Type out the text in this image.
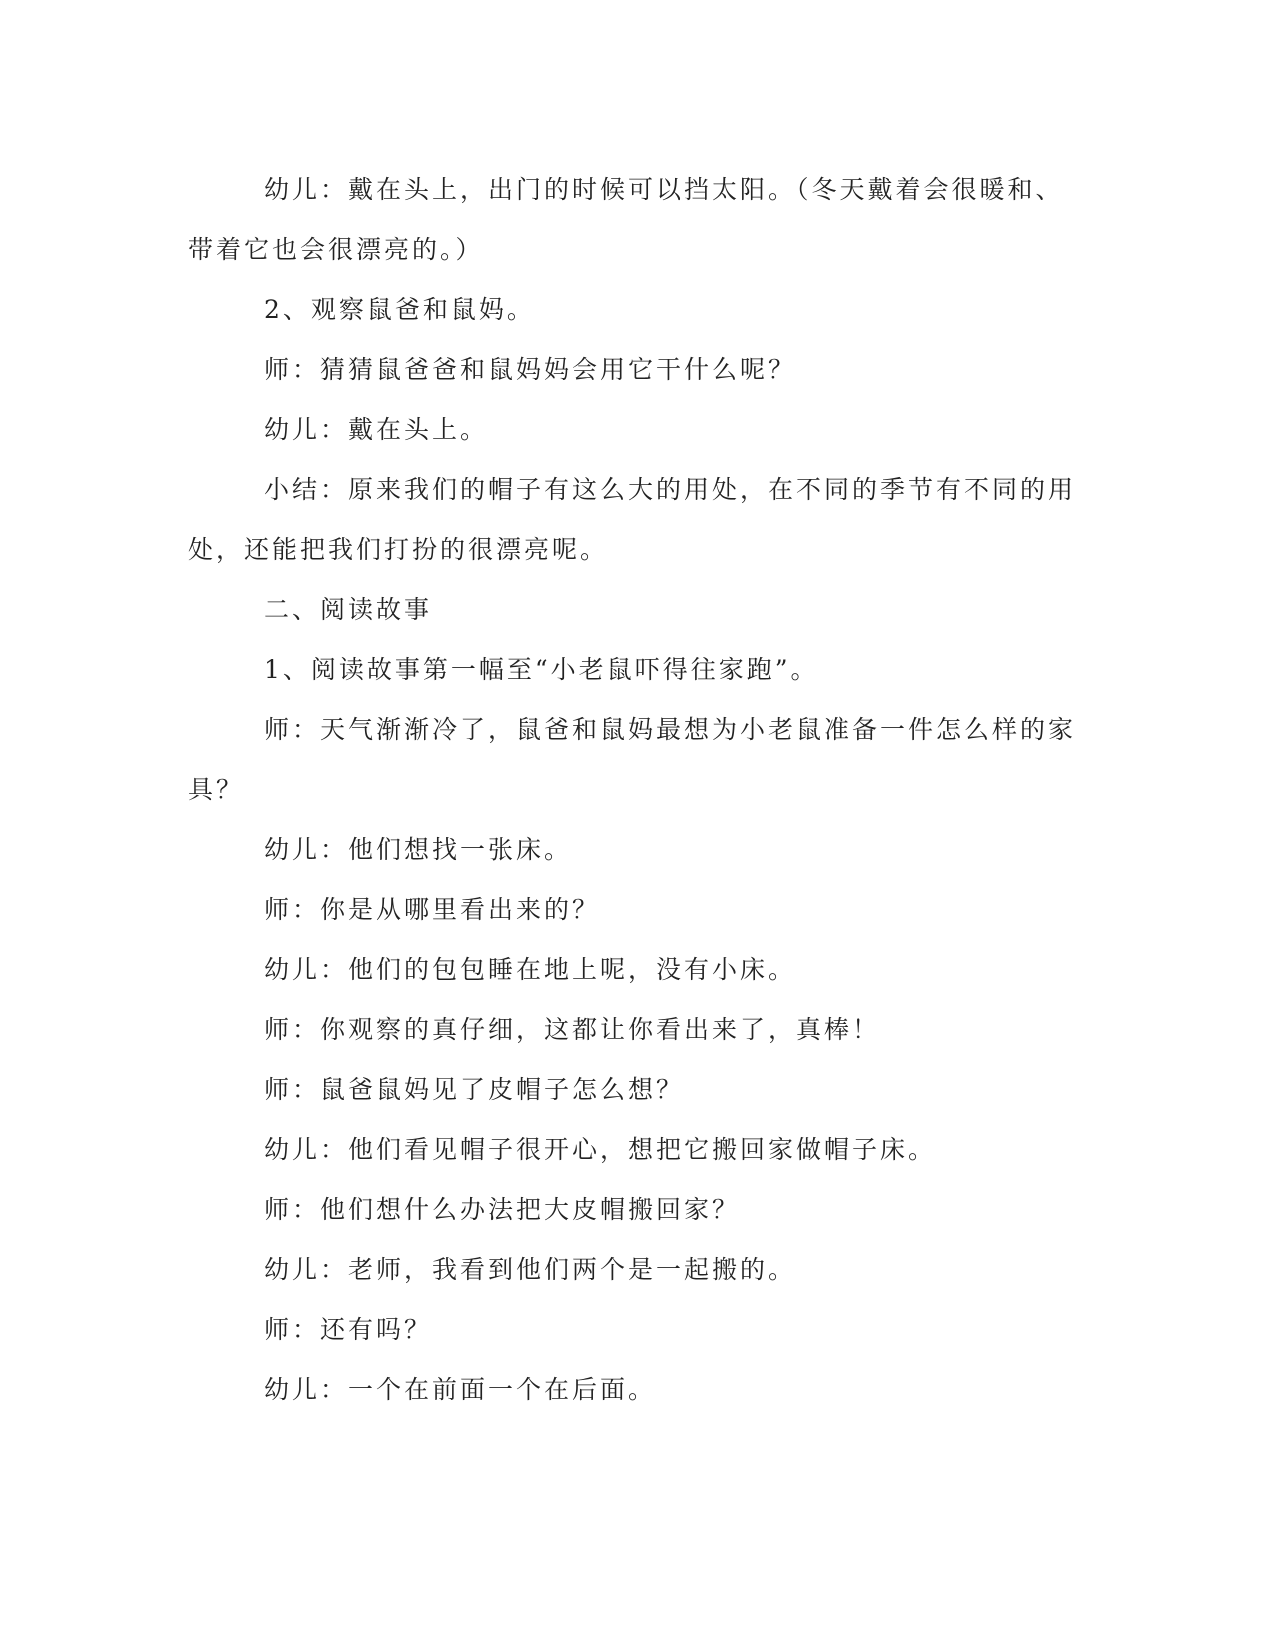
幼儿：戴在头上，出门的时候可以挡太阳。（冬天戴着会很暖和、带着它也会很漂亮的。）

2、观察鼠爸和鼠妈。

师：猜猜鼠爸爸和鼠妈妈会用它干什么呢？

幼儿：戴在头上。

小结：原来我们的帽子有这么大的用处，在不同的季节有不同的用处，还能把我们打扮的很漂亮呢。

二、阅读故事

1、阅读故事第一幅至“小老鼠吓得往家跑”。

师：天气渐渐冷了，鼠爸和鼠妈最想为小老鼠准备一件怎么样的家具？

幼儿：他们想找一张床。

师：你是从哪里看出来的？

幼儿：他们的包包睡在地上呢，没有小床。

师：你观察的真仔细，这都让你看出来了，真棒！

师：鼠爸鼠妈见了皮帽子怎么想？

幼儿：他们看见帽子很开心，想把它搬回家做帽子床。

师：他们想什么办法把大皮帽搬回家？

幼儿：老师，我看到他们两个是一起搬的。

师：还有吗？

幼儿：一个在前面一个在后面。
